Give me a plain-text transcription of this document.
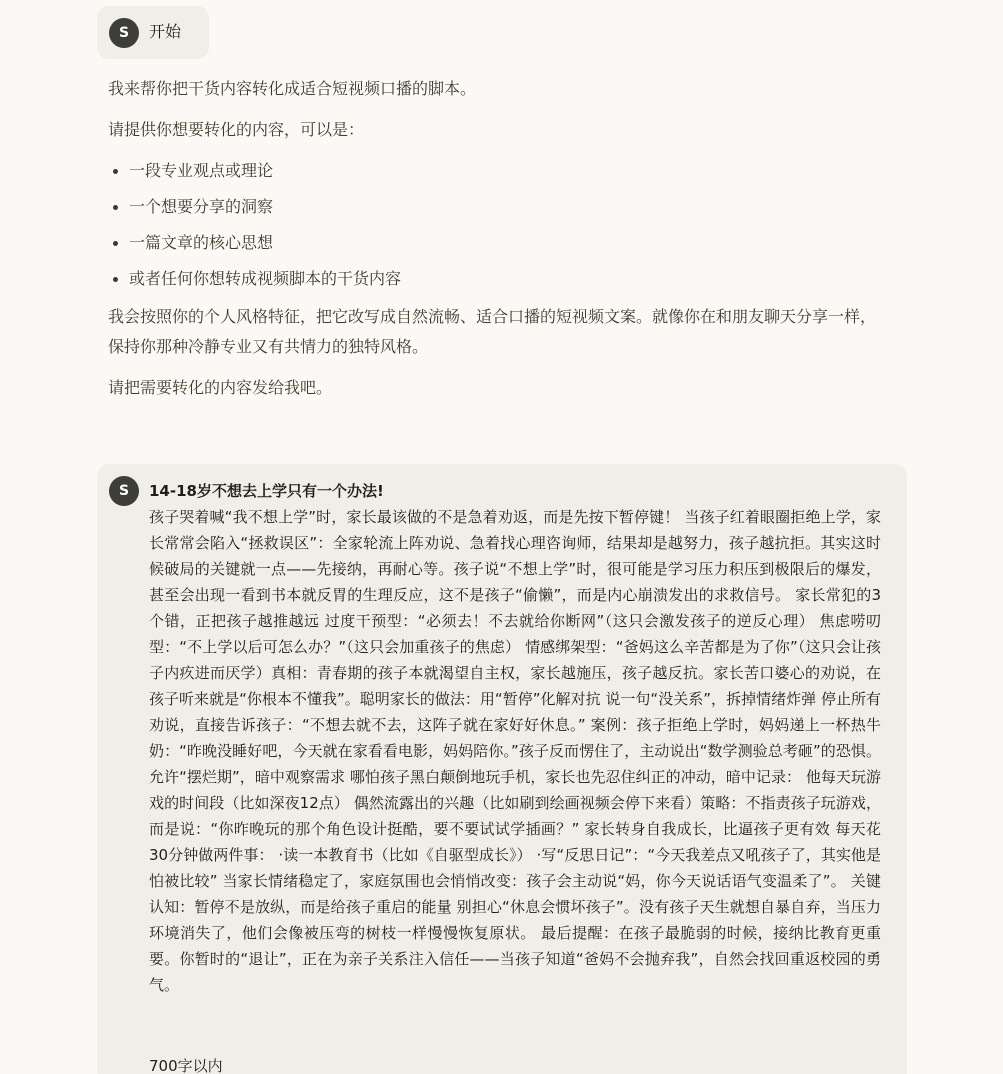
S	开始

我来帮你把干货内容转化成适合短视频口播的脚本。

请提供你想要转化的内容，可以是：

一段专业观点或理论
一个想要分享的洞察
一篇文章的核心思想
或者任何你想转成视频脚本的干货内容

我会按照你的个人风格特征，把它改写成自然流畅、适合口播的短视频文案。就像你在和朋友聊天分享一样，保持你那种冷静专业又有共情力的独特风格。

请把需要转化的内容发给我吧。

S	14-18岁不想去上学只有一个办法!
孩子哭着喊“我不想上学”时，家长最该做的不是急着劝返，而是先按下暂停键！ 当孩子红着眼圈拒绝上学，家长常常会陷入“拯救误区”：全家轮流上阵劝说、急着找心理咨询师，结果却是越努力，孩子越抗拒。其实这时候破局的关键就一点——先接纳，再耐心等。孩子说“不想上学”时，很可能是学习压力积压到极限后的爆发，甚至会出现一看到书本就反胃的生理反应，这不是孩子“偷懒”，而是内心崩溃发出的求救信号。 家长常犯的3个错，正把孩子越推越远 过度干预型：“必须去！不去就给你断网”（这只会激发孩子的逆反心理） 焦虑唠叨型：“不上学以后可怎么办？”（这只会加重孩子的焦虑） 情感绑架型：“爸妈这么辛苦都是为了你”（这只会让孩子内疚进而厌学）真相：青春期的孩子本就渴望自主权，家长越施压，孩子越反抗。家长苦口婆心的劝说，在孩子听来就是“你根本不懂我”。聪明家长的做法：用“暂停”化解对抗 说一句“没关系”，拆掉情绪炸弹 停止所有劝说，直接告诉孩子：“不想去就不去，这阵子就在家好好休息。” 案例：孩子拒绝上学时，妈妈递上一杯热牛奶：“昨晚没睡好吧，今天就在家看看电影，妈妈陪你。”孩子反而愣住了，主动说出“数学测验总考砸”的恐惧。 允许“摆烂期”，暗中观察需求 哪怕孩子黑白颠倒地玩手机，家长也先忍住纠正的冲动，暗中记录： 他每天玩游戏的时间段（比如深夜12点） 偶然流露出的兴趣（比如刷到绘画视频会停下来看）策略：不指责孩子玩游戏，而是说：“你昨晚玩的那个角色设计挺酷，要不要试试学插画？” 家长转身自我成长，比逼孩子更有效 每天花30分钟做两件事： ·读一本教育书（比如《自驱型成长》） ·写“反思日记”：“今天我差点又吼孩子了，其实他是怕被比较” 当家长情绪稳定了，家庭氛围也会悄悄改变：孩子会主动说“妈，你今天说话语气变温柔了”。 关键认知：暂停不是放纵，而是给孩子重启的能量 别担心“休息会惯坏孩子”。没有孩子天生就想自暴自弃，当压力环境消失了，他们会像被压弯的树枝一样慢慢恢复原状。 最后提醒：在孩子最脆弱的时候，接纳比教育更重要。你暂时的“退让”，正在为亲子关系注入信任——当孩子知道“爸妈不会抛弃我”，自然会找回重返校园的勇气。
700字以内
